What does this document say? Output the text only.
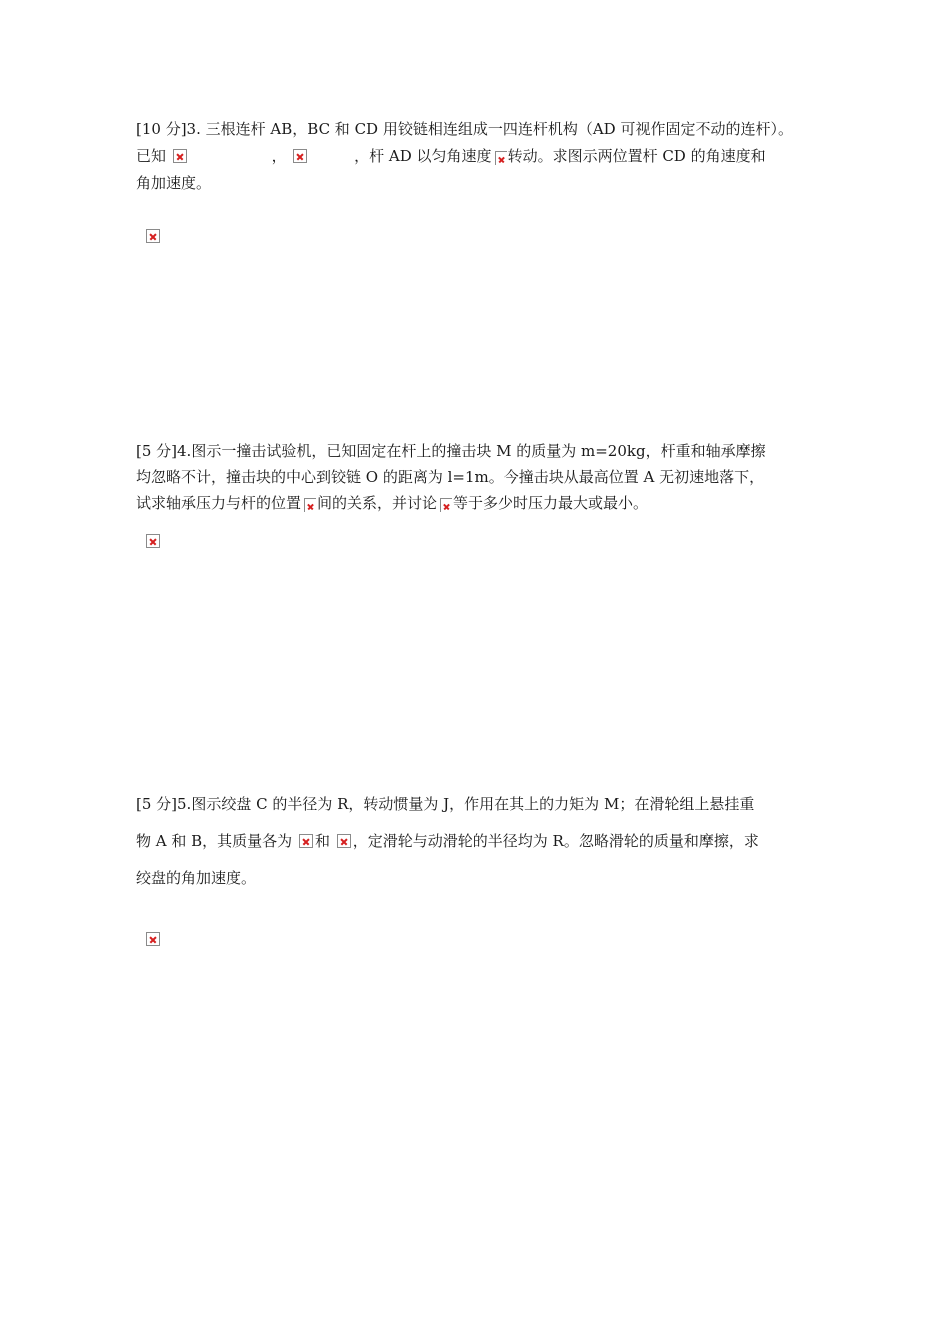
[10 分]3. 三根连杆 AB，BC 和 CD 用铰链相连组成一四连杆机构（AD 可视作固定不动的连杆）。
已知	，	，杆 AD 以匀角速度 转动。求图示两位置杆 CD 的角速度和
角加速度。
[5 分]4.图示一撞击试验机，已知固定在杆上的撞击块 M 的质量为 m=20kg，杆重和轴承摩擦
均忽略不计，撞击块的中心到铰链 O 的距离为 l=1m。今撞击块从最高位置 A 无初速地落下，
试求轴承压力与杆的位置 间的关系，并讨论 等于多少时压力最大或最小。
[5 分]5.图示绞盘 C 的半径为 R，转动惯量为 J，作用在其上的力矩为 M；在滑轮组上悬挂重
物 A 和 B，其质量各为 和 ，定滑轮与动滑轮的半径均为 R。忽略滑轮的质量和摩擦，求
绞盘的角加速度。
